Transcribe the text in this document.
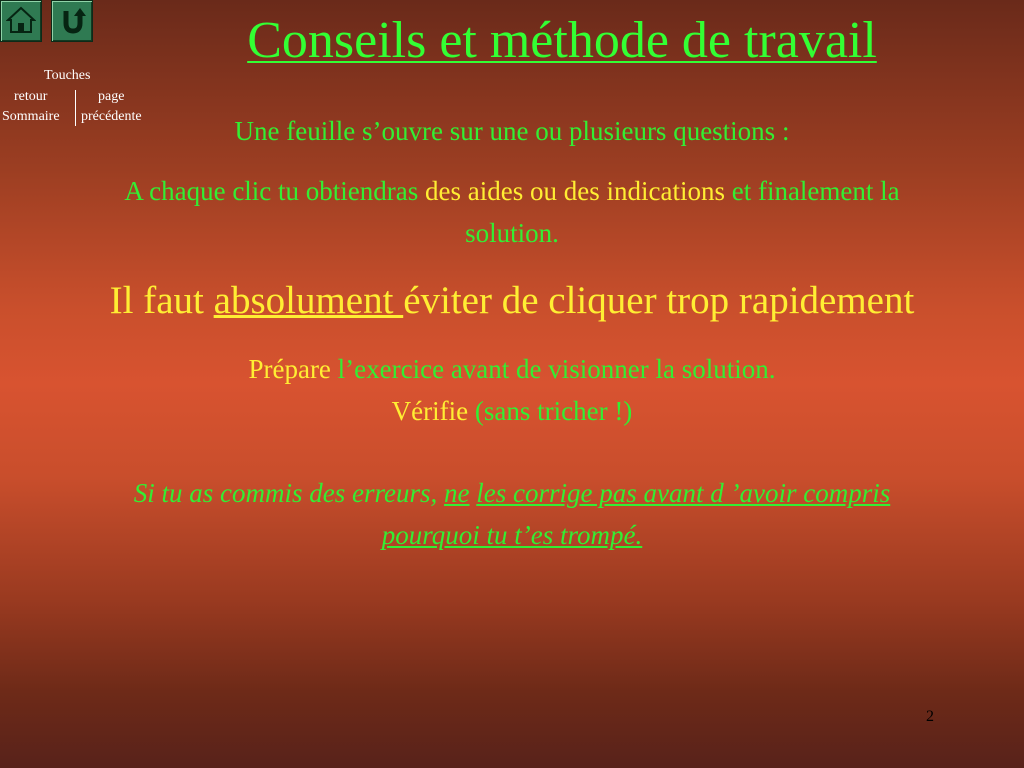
Touches
retour
Sommaire
page
précédente
Conseils et méthode de travail
Une feuille s’ouvre sur une ou plusieurs questions :
A chaque clic tu obtiendras des aides ou des indications et finalement la
solution.
Il faut absolument éviter de cliquer trop rapidement
Prépare l’exercice avant de visionner la solution.
Vérifie (sans tricher !)
Si tu as commis des erreurs, ne les corrige pas avant d ’avoir compris
pourquoi tu t’es trompé.
2
